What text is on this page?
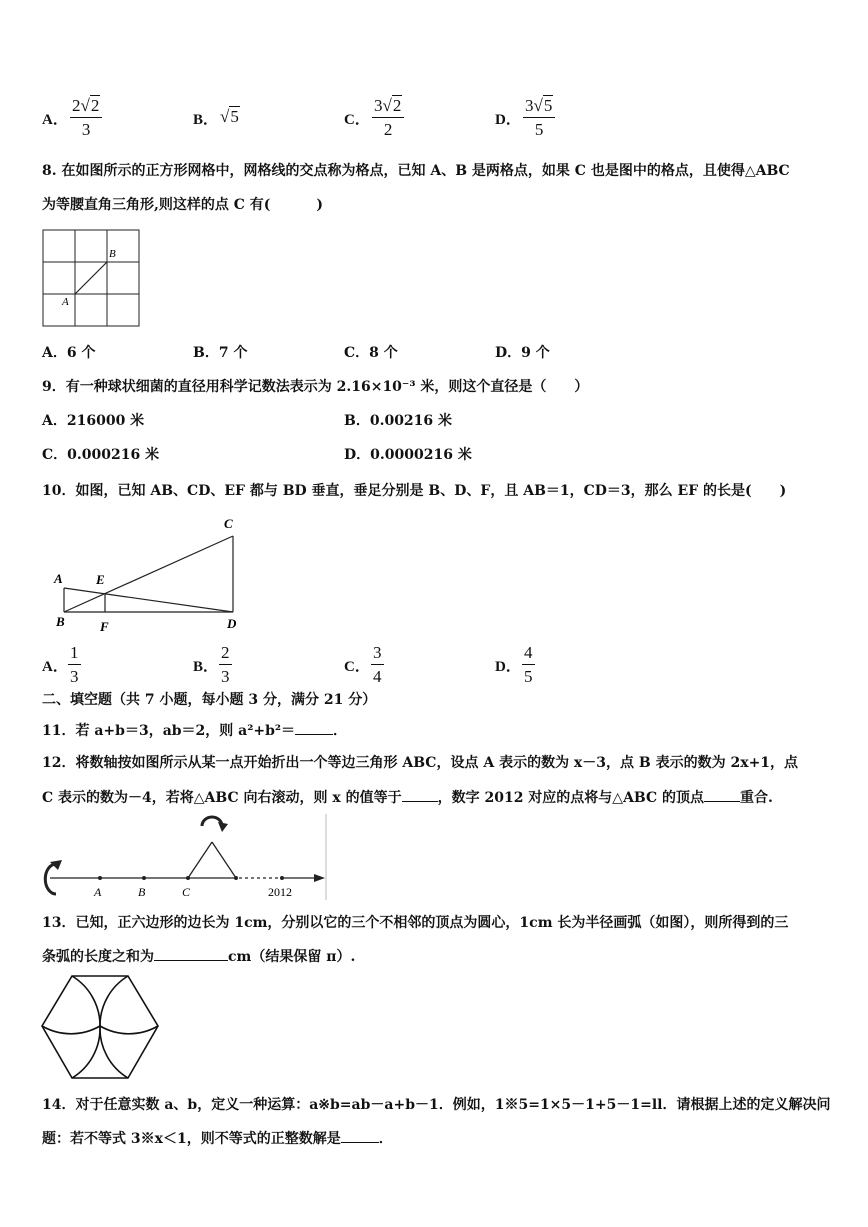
A． $\frac{2√2}{3}$	B． √5	C． $\frac{3√2}{2}$	D． $\frac{3√5}{5}$
8. 在如图所示的正方形网格中，网格线的交点称为格点，已知 A、B 是两格点，如果 C 也是图中的格点，且使得△ABC
为等腰直角三角形,则这样的点 C 有(	)
B
A
A．6 个	B．7 个	C．8 个	D．9 个
9．有一种球状细菌的直径用科学记数法表示为 2.16×10⁻³ 米，则这个直径是（　　）
A．216000 米	B．0.00216 米
C．0.000216 米	D．0.0000216 米
10．如图，已知 AB、CD、EF 都与 BD 垂直，垂足分别是 B、D、F，且 AB＝1，CD＝3，那么 EF 的长是(　　)
C
A	E
B	F	D
A． $\frac{1}{3}$	B． $\frac{2}{3}$	C． $\frac{3}{4}$	D． $\frac{4}{5}$
二、填空题（共 7 小题，每小题 3 分，满分 21 分）
11．若 a+b＝3，ab＝2，则 a²+b²＝	．
12．将数轴按如图所示从某一点开始折出一个等边三角形 ABC，设点 A 表示的数为 x－3，点 B 表示的数为 2x+1，点
C 表示的数为－4，若将△ABC 向右滚动，则 x 的值等于	，数字 2012 对应的点将与△ABC 的顶点	重合.
A	B	C	2012
13．已知，正六边形的边长为 1cm，分别以它的三个不相邻的顶点为圆心，1cm 长为半径画弧（如图），则所得到的三
条弧的长度之和为	cm（结果保留 π）.
14．对于任意实数 a、b，定义一种运算：a※b=ab－a+b－1．例如，1※5=1×5－1+5－1=ll．请根据上述的定义解决问
题：若不等式 3※x＜1，则不等式的正整数解是	．
